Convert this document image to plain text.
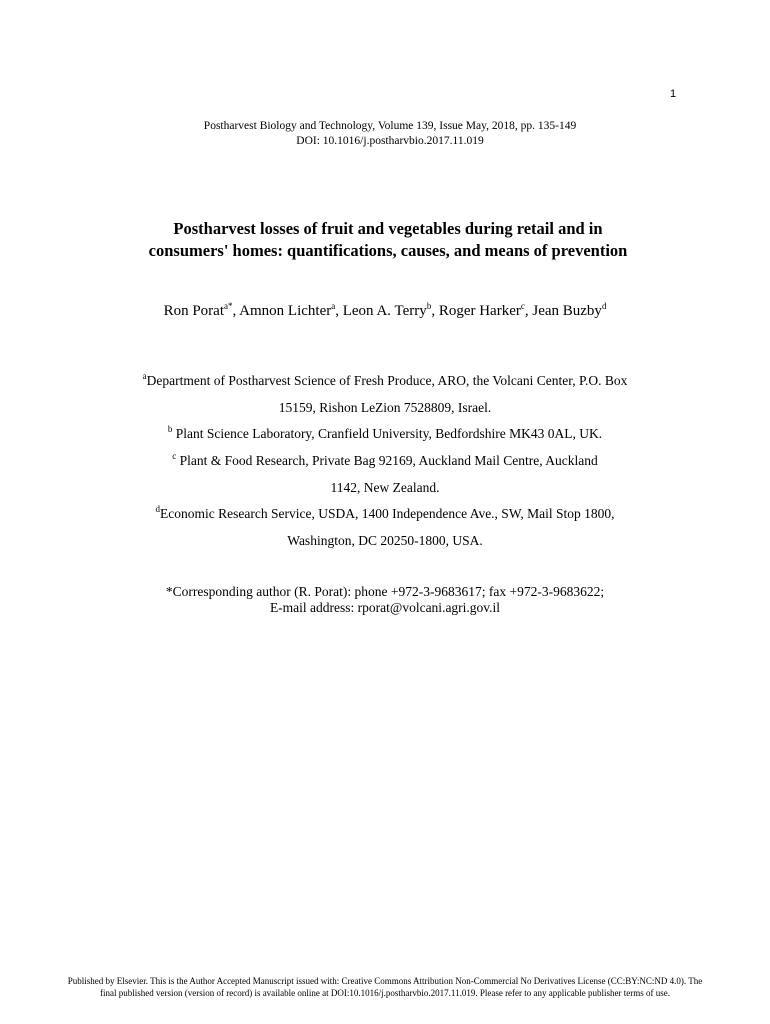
1
Postharvest Biology and Technology, Volume 139, Issue May, 2018, pp. 135-149
DOI: 10.1016/j.postharvbio.2017.11.019
Postharvest losses of fruit and vegetables during retail and in
consumers' homes: quantifications, causes, and means of prevention
Ron Porat$^{a*}$, Amnon Lichter$^a$, Leon A. Terry$^b$, Roger Harker$^c$, Jean Buzby$^d$
$^a$Department of Postharvest Science of Fresh Produce, ARO, the Volcani Center, P.O. Box
15159, Rishon LeZion 7528809, Israel.
$^b$ Plant Science Laboratory, Cranfield University, Bedfordshire MK43 0AL, UK.
$^c$ Plant & Food Research, Private Bag 92169, Auckland Mail Centre, Auckland
1142, New Zealand.
$^d$Economic Research Service, USDA, 1400 Independence Ave., SW, Mail Stop 1800,
Washington, DC 20250-1800, USA.
*Corresponding author (R. Porat): phone +972-3-9683617; fax +972-3-9683622;
E-mail address: rporat@volcani.agri.gov.il
Published by Elsevier. This is the Author Accepted Manuscript issued with: Creative Commons Attribution Non-Commercial No Derivatives License (CC:BY:NC:ND 4.0). The
final published version (version of record) is available online at DOI:10.1016/j.postharvbio.2017.11.019. Please refer to any applicable publisher terms of use.
